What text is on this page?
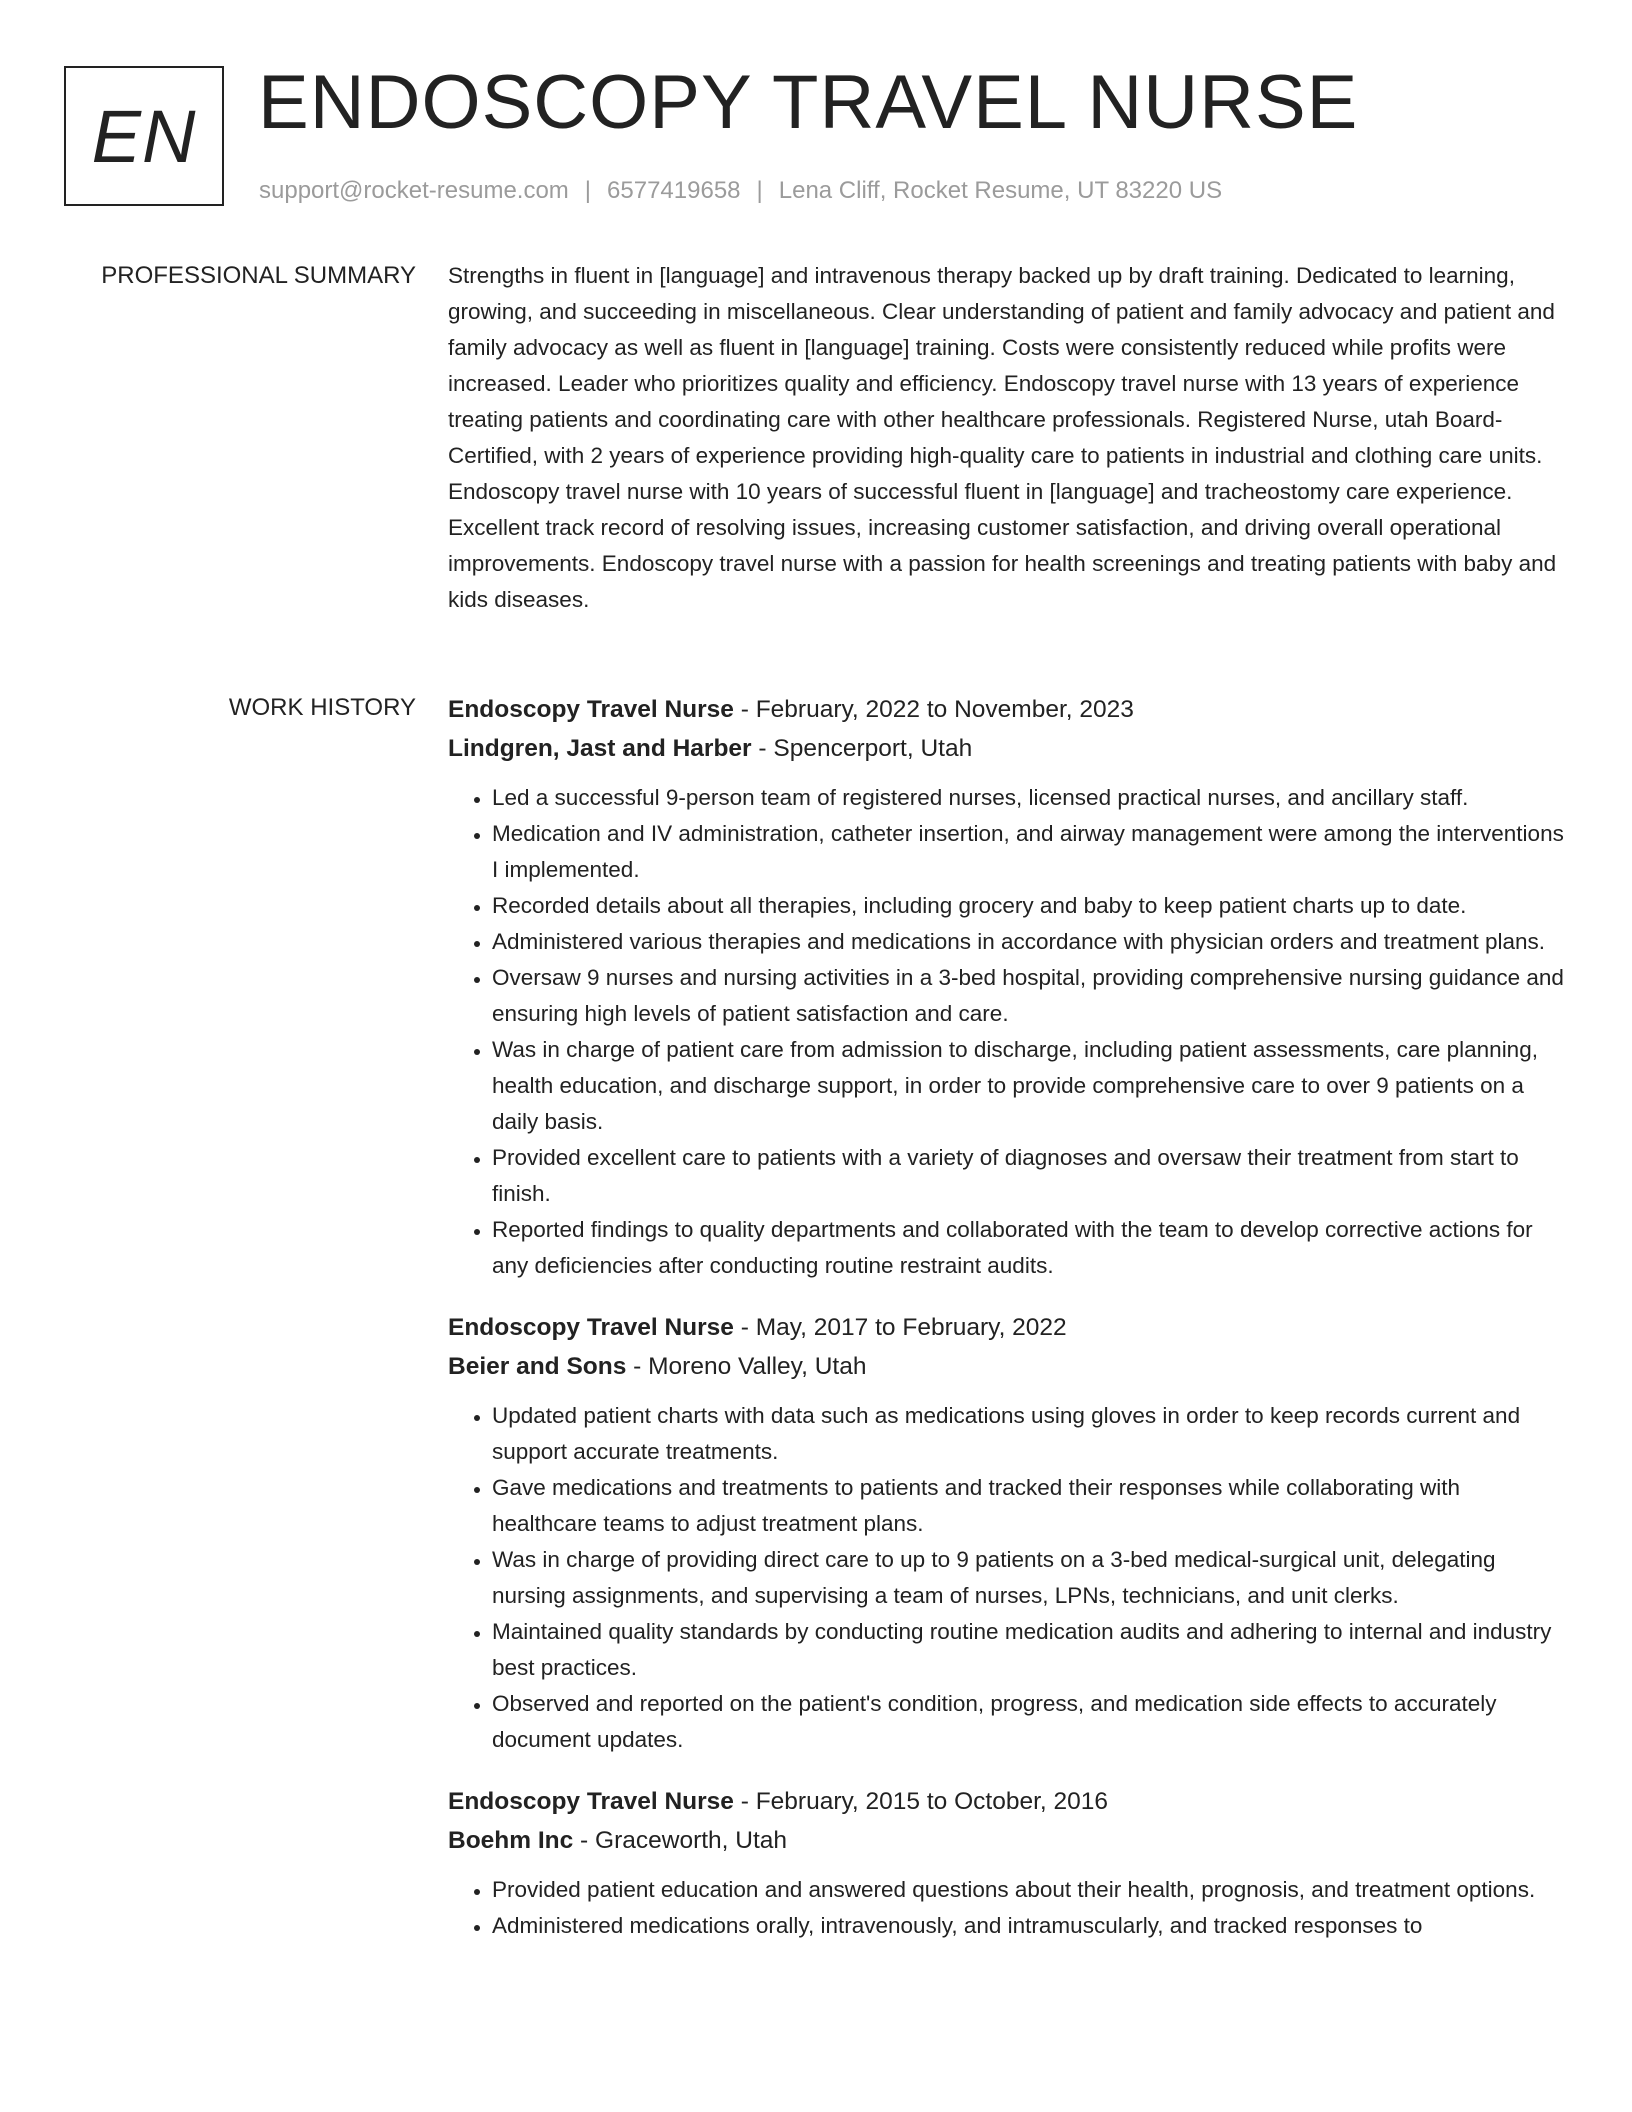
EN ENDOSCOPY TRAVEL NURSE
support@rocket-resume.com | 6577419658 | Lena Cliff, Rocket Resume, UT 83220 US
PROFESSIONAL SUMMARY Strengths in fluent in [language] and intravenous therapy backed up by draft training. Dedicated to learning, growing, and succeeding in miscellaneous. Clear understanding of patient and family advocacy and patient and family advocacy as well as fluent in [language] training. Costs were consistently reduced while profits were increased. Leader who prioritizes quality and efficiency. Endoscopy travel nurse with 13 years of experience treating patients and coordinating care with other healthcare professionals. Registered Nurse, utah Board-Certified, with 2 years of experience providing high-quality care to patients in industrial and clothing care units. Endoscopy travel nurse with 10 years of successful fluent in [language] and tracheostomy care experience. Excellent track record of resolving issues, increasing customer satisfaction, and driving overall operational improvements. Endoscopy travel nurse with a passion for health screenings and treating patients with baby and kids diseases.

WORK HISTORY Endoscopy Travel Nurse - February, 2022 to November, 2023
Lindgren, Jast and Harber - Spencerport, Utah
• Led a successful 9-person team of registered nurses, licensed practical nurses, and ancillary staff.
• Medication and IV administration, catheter insertion, and airway management were among the interventions I implemented.
• Recorded details about all therapies, including grocery and baby to keep patient charts up to date.
• Administered various therapies and medications in accordance with physician orders and treatment plans.
• Oversaw 9 nurses and nursing activities in a 3-bed hospital, providing comprehensive nursing guidance and ensuring high levels of patient satisfaction and care.
• Was in charge of patient care from admission to discharge, including patient assessments, care planning, health education, and discharge support, in order to provide comprehensive care to over 9 patients on a daily basis.
• Provided excellent care to patients with a variety of diagnoses and oversaw their treatment from start to finish.
• Reported findings to quality departments and collaborated with the team to develop corrective actions for any deficiencies after conducting routine restraint audits.
Endoscopy Travel Nurse - May, 2017 to February, 2022
Beier and Sons - Moreno Valley, Utah
• Updated patient charts with data such as medications using gloves in order to keep records current and support accurate treatments.
• Gave medications and treatments to patients and tracked their responses while collaborating with healthcare teams to adjust treatment plans.
• Was in charge of providing direct care to up to 9 patients on a 3-bed medical-surgical unit, delegating nursing assignments, and supervising a team of nurses, LPNs, technicians, and unit clerks.
• Maintained quality standards by conducting routine medication audits and adhering to internal and industry best practices.
• Observed and reported on the patient's condition, progress, and medication side effects to accurately document updates.
Endoscopy Travel Nurse - February, 2015 to October, 2016
Boehm Inc - Graceworth, Utah
• Provided patient education and answered questions about their health, prognosis, and treatment options.
• Administered medications orally, intravenously, and intramuscularly, and tracked responses to
